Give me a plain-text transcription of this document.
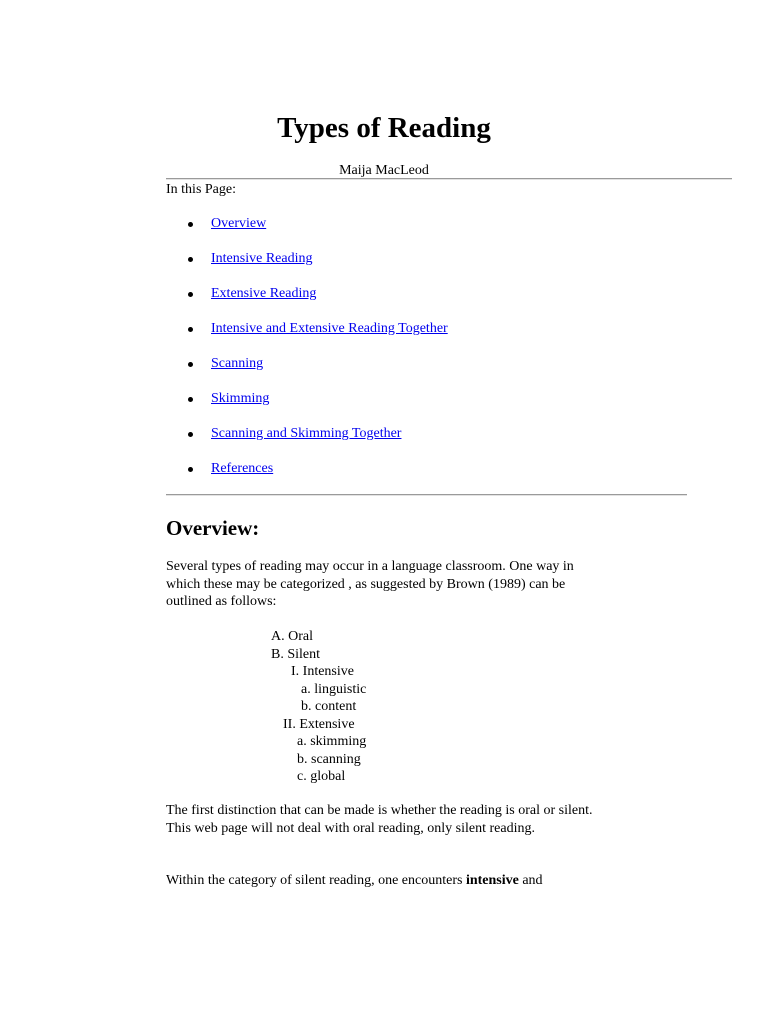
Types of Reading
Maija MacLeod
In this Page:
Overview
Intensive Reading
Extensive Reading
Intensive and Extensive Reading Together
Scanning
Skimming
Scanning and Skimming Together
References
Overview:

Several types of reading may occur in a language classroom. One way in which these may be categorized , as suggested by Brown (1989) can be outlined as follows:

A. Oral
B. Silent
I. Intensive
a. linguistic
b. content
II. Extensive
a. skimming
b. scanning
c. global

The first distinction that can be made is whether the reading is oral or silent. This web page will not deal with oral reading, only silent reading.

Within the category of silent reading, one encounters intensive and
